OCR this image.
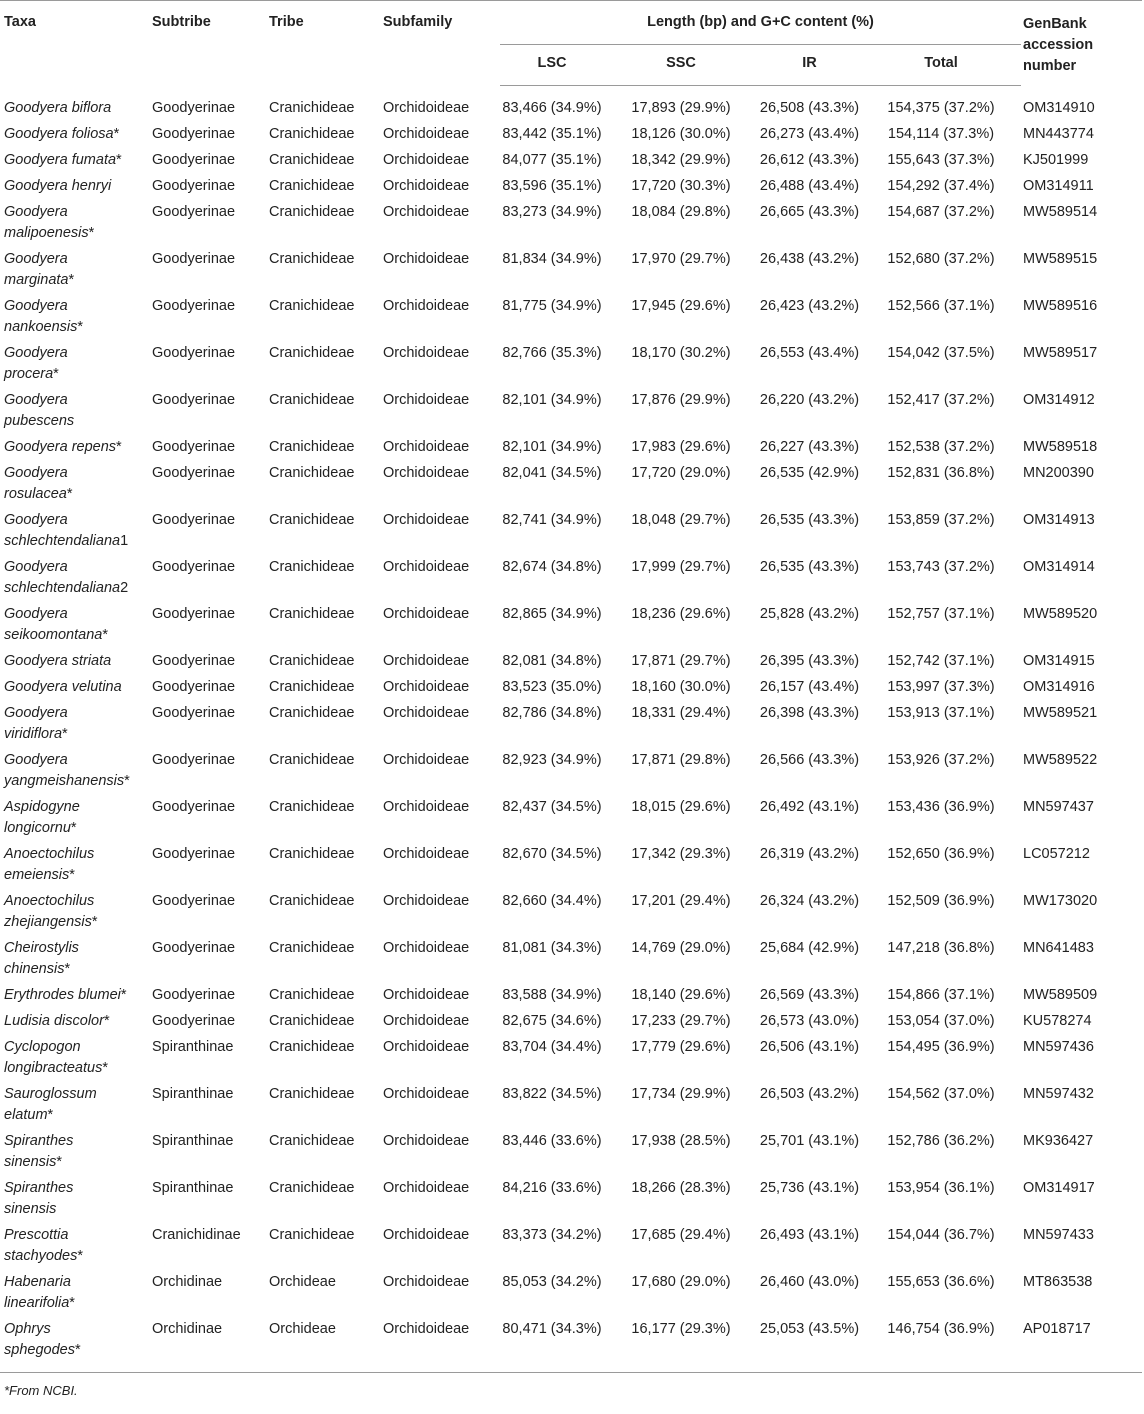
Taxa	Subtribe	Tribe	Subfamily	Length (bp) and G+C content (%)				GenBank accession number
				LSC	SSC	IR	Total	
Goodyera biflora	Goodyerinae	Cranichideae	Orchidoideae	83,466 (34.9%)	17,893 (29.9%)	26,508 (43.3%)	154,375 (37.2%)	OM314910
Goodyera foliosa*	Goodyerinae	Cranichideae	Orchidoideae	83,442 (35.1%)	18,126 (30.0%)	26,273 (43.4%)	154,114 (37.3%)	MN443774
Goodyera fumata*	Goodyerinae	Cranichideae	Orchidoideae	84,077 (35.1%)	18,342 (29.9%)	26,612 (43.3%)	155,643 (37.3%)	KJ501999
Goodyera henryi	Goodyerinae	Cranichideae	Orchidoideae	83,596 (35.1%)	17,720 (30.3%)	26,488 (43.4%)	154,292 (37.4%)	OM314911
Goodyera
malipoenesis*	Goodyerinae	Cranichideae	Orchidoideae	83,273 (34.9%)	18,084 (29.8%)	26,665 (43.3%)	154,687 (37.2%)	MW589514
Goodyera
marginata*	Goodyerinae	Cranichideae	Orchidoideae	81,834 (34.9%)	17,970 (29.7%)	26,438 (43.2%)	152,680 (37.2%)	MW589515
Goodyera
nankoensis*	Goodyerinae	Cranichideae	Orchidoideae	81,775 (34.9%)	17,945 (29.6%)	26,423 (43.2%)	152,566 (37.1%)	MW589516
Goodyera
procera*	Goodyerinae	Cranichideae	Orchidoideae	82,766 (35.3%)	18,170 (30.2%)	26,553 (43.4%)	154,042 (37.5%)	MW589517
Goodyera
pubescens	Goodyerinae	Cranichideae	Orchidoideae	82,101 (34.9%)	17,876 (29.9%)	26,220 (43.2%)	152,417 (37.2%)	OM314912
Goodyera repens*	Goodyerinae	Cranichideae	Orchidoideae	82,101 (34.9%)	17,983 (29.6%)	26,227 (43.3%)	152,538 (37.2%)	MW589518
Goodyera
rosulacea*	Goodyerinae	Cranichideae	Orchidoideae	82,041 (34.5%)	17,720 (29.0%)	26,535 (42.9%)	152,831 (36.8%)	MN200390
Goodyera
schlechtendaliana1	Goodyerinae	Cranichideae	Orchidoideae	82,741 (34.9%)	18,048 (29.7%)	26,535 (43.3%)	153,859 (37.2%)	OM314913
Goodyera
schlechtendaliana2	Goodyerinae	Cranichideae	Orchidoideae	82,674 (34.8%)	17,999 (29.7%)	26,535 (43.3%)	153,743 (37.2%)	OM314914
Goodyera
seikoomontana*	Goodyerinae	Cranichideae	Orchidoideae	82,865 (34.9%)	18,236 (29.6%)	25,828 (43.2%)	152,757 (37.1%)	MW589520
Goodyera striata	Goodyerinae	Cranichideae	Orchidoideae	82,081 (34.8%)	17,871 (29.7%)	26,395 (43.3%)	152,742 (37.1%)	OM314915
Goodyera velutina	Goodyerinae	Cranichideae	Orchidoideae	83,523 (35.0%)	18,160 (30.0%)	26,157 (43.4%)	153,997 (37.3%)	OM314916
Goodyera
viridiflora*	Goodyerinae	Cranichideae	Orchidoideae	82,786 (34.8%)	18,331 (29.4%)	26,398 (43.3%)	153,913 (37.1%)	MW589521
Goodyera
yangmeishanensis*	Goodyerinae	Cranichideae	Orchidoideae	82,923 (34.9%)	17,871 (29.8%)	26,566 (43.3%)	153,926 (37.2%)	MW589522
Aspidogyne
longicornu*	Goodyerinae	Cranichideae	Orchidoideae	82,437 (34.5%)	18,015 (29.6%)	26,492 (43.1%)	153,436 (36.9%)	MN597437
Anoectochilus
emeiensis*	Goodyerinae	Cranichideae	Orchidoideae	82,670 (34.5%)	17,342 (29.3%)	26,319 (43.2%)	152,650 (36.9%)	LC057212
Anoectochilus
zhejiangensis*	Goodyerinae	Cranichideae	Orchidoideae	82,660 (34.4%)	17,201 (29.4%)	26,324 (43.2%)	152,509 (36.9%)	MW173020
Cheirostylis
chinensis*	Goodyerinae	Cranichideae	Orchidoideae	81,081 (34.3%)	14,769 (29.0%)	25,684 (42.9%)	147,218 (36.8%)	MN641483
Erythrodes blumei*	Goodyerinae	Cranichideae	Orchidoideae	83,588 (34.9%)	18,140 (29.6%)	26,569 (43.3%)	154,866 (37.1%)	MW589509
Ludisia discolor*	Goodyerinae	Cranichideae	Orchidoideae	82,675 (34.6%)	17,233 (29.7%)	26,573 (43.0%)	153,054 (37.0%)	KU578274
Cyclopogon
longibracteatus*	Spiranthinae	Cranichideae	Orchidoideae	83,704 (34.4%)	17,779 (29.6%)	26,506 (43.1%)	154,495 (36.9%)	MN597436
Sauroglossum
elatum*	Spiranthinae	Cranichideae	Orchidoideae	83,822 (34.5%)	17,734 (29.9%)	26,503 (43.2%)	154,562 (37.0%)	MN597432
Spiranthes
sinensis*	Spiranthinae	Cranichideae	Orchidoideae	83,446 (33.6%)	17,938 (28.5%)	25,701 (43.1%)	152,786 (36.2%)	MK936427
Spiranthes
sinensis	Spiranthinae	Cranichideae	Orchidoideae	84,216 (33.6%)	18,266 (28.3%)	25,736 (43.1%)	153,954 (36.1%)	OM314917
Prescottia
stachyodes*	Cranichidinae	Cranichideae	Orchidoideae	83,373 (34.2%)	17,685 (29.4%)	26,493 (43.1%)	154,044 (36.7%)	MN597433
Habenaria
linearifolia*	Orchidinae	Orchideae	Orchidoideae	85,053 (34.2%)	17,680 (29.0%)	26,460 (43.0%)	155,653 (36.6%)	MT863538
Ophrys
sphegodes*	Orchidinae	Orchideae	Orchidoideae	80,471 (34.3%)	16,177 (29.3%)	25,053 (43.5%)	146,754 (36.9%)	AP018717

*From NCBI.
